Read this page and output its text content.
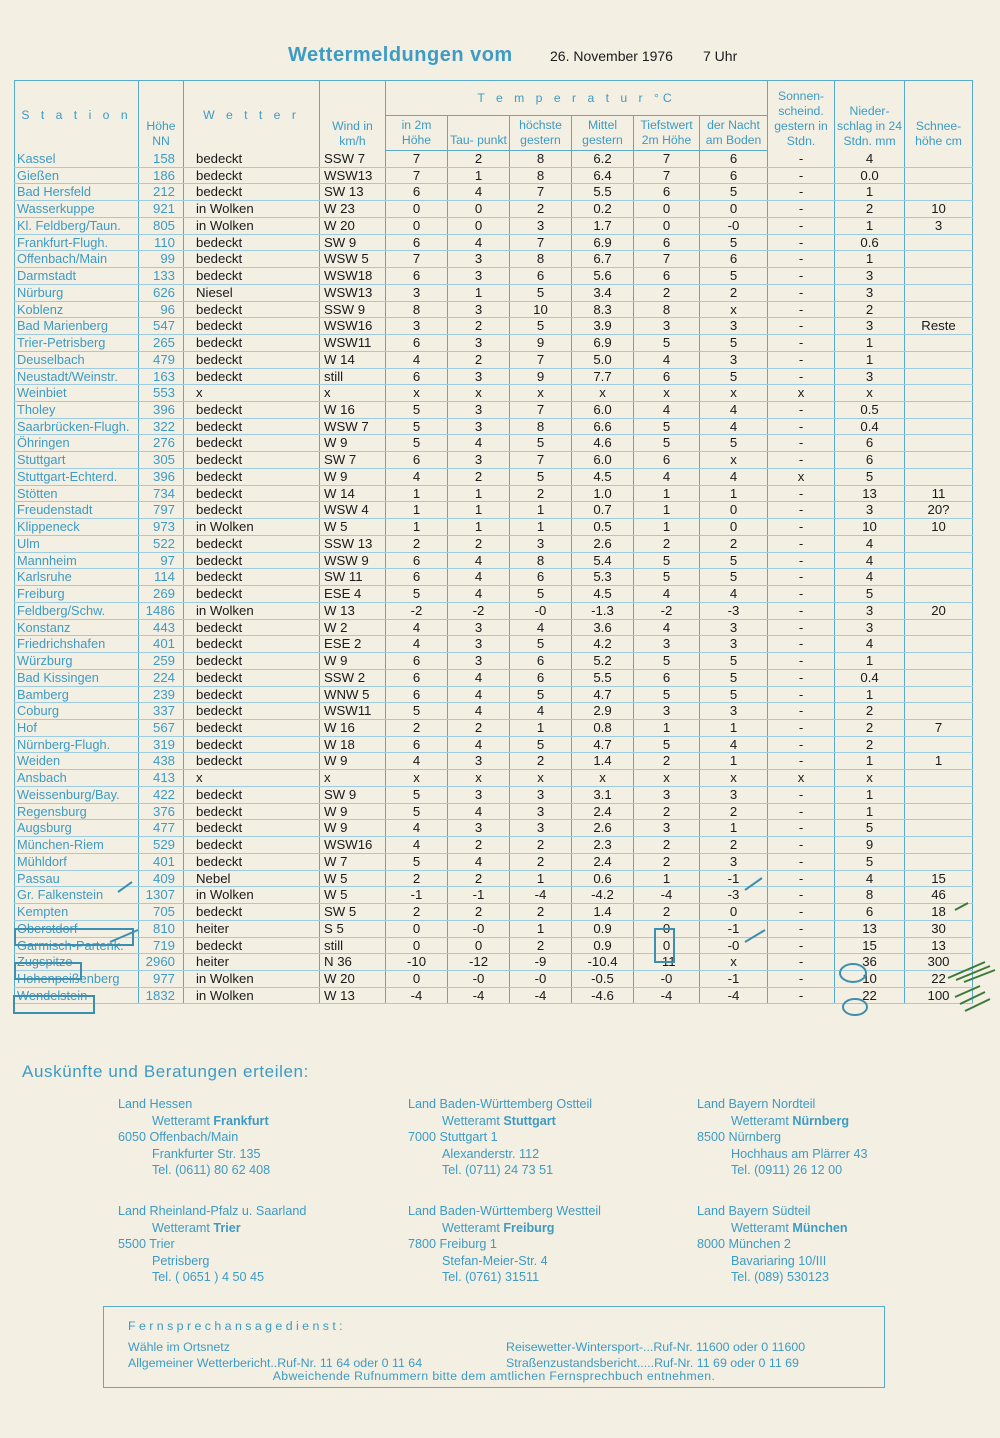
Wettermeldungen vom	26. November 1976 7 Uhr
S t a t i o n	Höhe NN	W e t t e r	Wind in km/h	T e m p e r a t u r °C						Sonnen- scheind. gestern in Stdn.	Nieder- schlag in 24 Stdn. mm	Schnee- höhe cm
				in 2m Höhe	Tau- punkt	höchste gestern	Mittel gestern	Tiefstwert 2m Höhe	der Nacht am Boden			
Kassel	158	bedeckt	SSW 7	7	2	8	6.2	7	6	-	4	
Gießen	186	bedeckt	WSW13	7	1	8	6.4	7	6	-	0.0	
Bad Hersfeld	212	bedeckt	SW 13	6	4	7	5.5	6	5	-	1	
Wasserkuppe	921	in Wolken	W 23	0	0	2	0.2	0	0	-	2	10
Kl. Feldberg/Taun.	805	in Wolken	W 20	0	0	3	1.7	0	-0	-	1	3
Frankfurt-Flugh.	110	bedeckt	SW 9	6	4	7	6.9	6	5	-	0.6	
Offenbach/Main	99	bedeckt	WSW 5	7	3	8	6.7	7	6	-	1	
Darmstadt	133	bedeckt	WSW18	6	3	6	5.6	6	5	-	3	
Nürburg	626	Niesel	WSW13	3	1	5	3.4	2	2	-	3	
Koblenz	96	bedeckt	SSW 9	8	3	10	8.3	8	x	-	2	
Bad Marienberg	547	bedeckt	WSW16	3	2	5	3.9	3	3	-	3	Reste
Trier-Petrisberg	265	bedeckt	WSW11	6	3	9	6.9	5	5	-	1	
Deuselbach	479	bedeckt	W 14	4	2	7	5.0	4	3	-	1	
Neustadt/Weinstr.	163	bedeckt	still	6	3	9	7.7	6	5	-	3	
Weinbiet	553	x	x	x	x	x	x	x	x	x	x	
Tholey	396	bedeckt	W 16	5	3	7	6.0	4	4	-	0.5	
Saarbrücken-Flugh.	322	bedeckt	WSW 7	5	3	8	6.6	5	4	-	0.4	
Öhringen	276	bedeckt	W 9	5	4	5	4.6	5	5	-	6	
Stuttgart	305	bedeckt	SW 7	6	3	7	6.0	6	x	-	6	
Stuttgart-Echterd.	396	bedeckt	W 9	4	2	5	4.5	4	4	x	5	
Stötten	734	bedeckt	W 14	1	1	2	1.0	1	1	-	13	11
Freudenstadt	797	bedeckt	WSW 4	1	1	1	0.7	1	0	-	3	20?
Klippeneck	973	in Wolken	W 5	1	1	1	0.5	1	0	-	10	10
Ulm	522	bedeckt	SSW 13	2	2	3	2.6	2	2	-	4	
Mannheim	97	bedeckt	WSW 9	6	4	8	5.4	5	5	-	4	
Karlsruhe	114	bedeckt	SW 11	6	4	6	5.3	5	5	-	4	
Freiburg	269	bedeckt	ESE 4	5	4	5	4.5	4	4	-	5	
Feldberg/Schw.	1486	in Wolken	W 13	-2	-2	-0	-1.3	-2	-3	-	3	20
Konstanz	443	bedeckt	W 2	4	3	4	3.6	4	3	-	3	
Friedrichshafen	401	bedeckt	ESE 2	4	3	5	4.2	3	3	-	4	
Würzburg	259	bedeckt	W 9	6	3	6	5.2	5	5	-	1	
Bad Kissingen	224	bedeckt	SSW 2	6	4	6	5.5	6	5	-	0.4	
Bamberg	239	bedeckt	WNW 5	6	4	5	4.7	5	5	-	1	
Coburg	337	bedeckt	WSW11	5	4	4	2.9	3	3	-	2	
Hof	567	bedeckt	W 16	2	2	1	0.8	1	1	-	2	7
Nürnberg-Flugh.	319	bedeckt	W 18	6	4	5	4.7	5	4	-	2	
Weiden	438	bedeckt	W 9	4	3	2	1.4	2	1	-	1	1
Ansbach	413	x	x	x	x	x	x	x	x	x	x	
Weissenburg/Bay.	422	bedeckt	SW 9	5	3	3	3.1	3	3	-	1	
Regensburg	376	bedeckt	W 9	5	4	3	2.4	2	2	-	1	
Augsburg	477	bedeckt	W 9	4	3	3	2.6	3	1	-	5	
München-Riem	529	bedeckt	WSW16	4	2	2	2.3	2	2	-	9	
Mühldorf	401	bedeckt	W 7	5	4	2	2.4	2	3	-	5	
Passau	409	Nebel	W 5	2	2	1	0.6	1	-1	-	4	15
Gr. Falkenstein	1307	in Wolken	W 5	-1	-1	-4	-4.2	-4	-3	-	8	46
Kempten	705	bedeckt	SW 5	2	2	2	1.4	2	0	-	6	18
Oberstdorf	810	heiter	S 5	0	-0	1	0.9	0	-1	-	13	30
Garmisch-Partenk.	719	bedeckt	still	0	0	2	0.9	0	-0	-	15	13
Zugspitze	2960	heiter	N 36	-10	-12	-9	-10.4	-11	x	-	36	300
Hohenpeißenberg	977	in Wolken	W 20	0	-0	-0	-0.5	-0	-1	-	10	22
Wendelstein	1832	in Wolken	W 13	-4	-4	-4	-4.6	-4	-4	-	22	100
Auskünfte und Beratungen erteilen:
Land Hessen
Wetteramt Frankfurt
6050 Offenbach/Main
Frankfurter Str. 135
Tel. (0611) 80 62 408
Land Baden-Württemberg Ostteil
Wetteramt Stuttgart
7000 Stuttgart 1
Alexanderstr. 112
Tel. (0711) 24 73 51
Land Bayern Nordteil
Wetteramt Nürnberg
8500 Nürnberg
Hochhaus am Plärrer 43
Tel. (0911) 26 12 00
Land Rheinland-Pfalz u. Saarland
Wetteramt Trier
5500 Trier
Petrisberg
Tel. ( 0651 ) 4 50 45
Land Baden-Württemberg Westteil
Wetteramt Freiburg
7800 Freiburg 1
Stefan-Meier-Str. 4
Tel. (0761) 31511
Land Bayern Südteil
Wetteramt München
8000 München 2
Bavariaring 10/III
Tel. (089) 530123
Fernsprechansagedienst:
Wähle im Ortsnetz
Allgemeiner Wetterbericht..Ruf-Nr. 11 64 oder 0 11 64
Reisewetter-Wintersport-...Ruf-Nr. 11600 oder 0 11600
Straßenzustandsbericht.....Ruf-Nr. 11 69 oder 0 11 69
Abweichende Rufnummern bitte dem amtlichen Fernsprechbuch entnehmen.
